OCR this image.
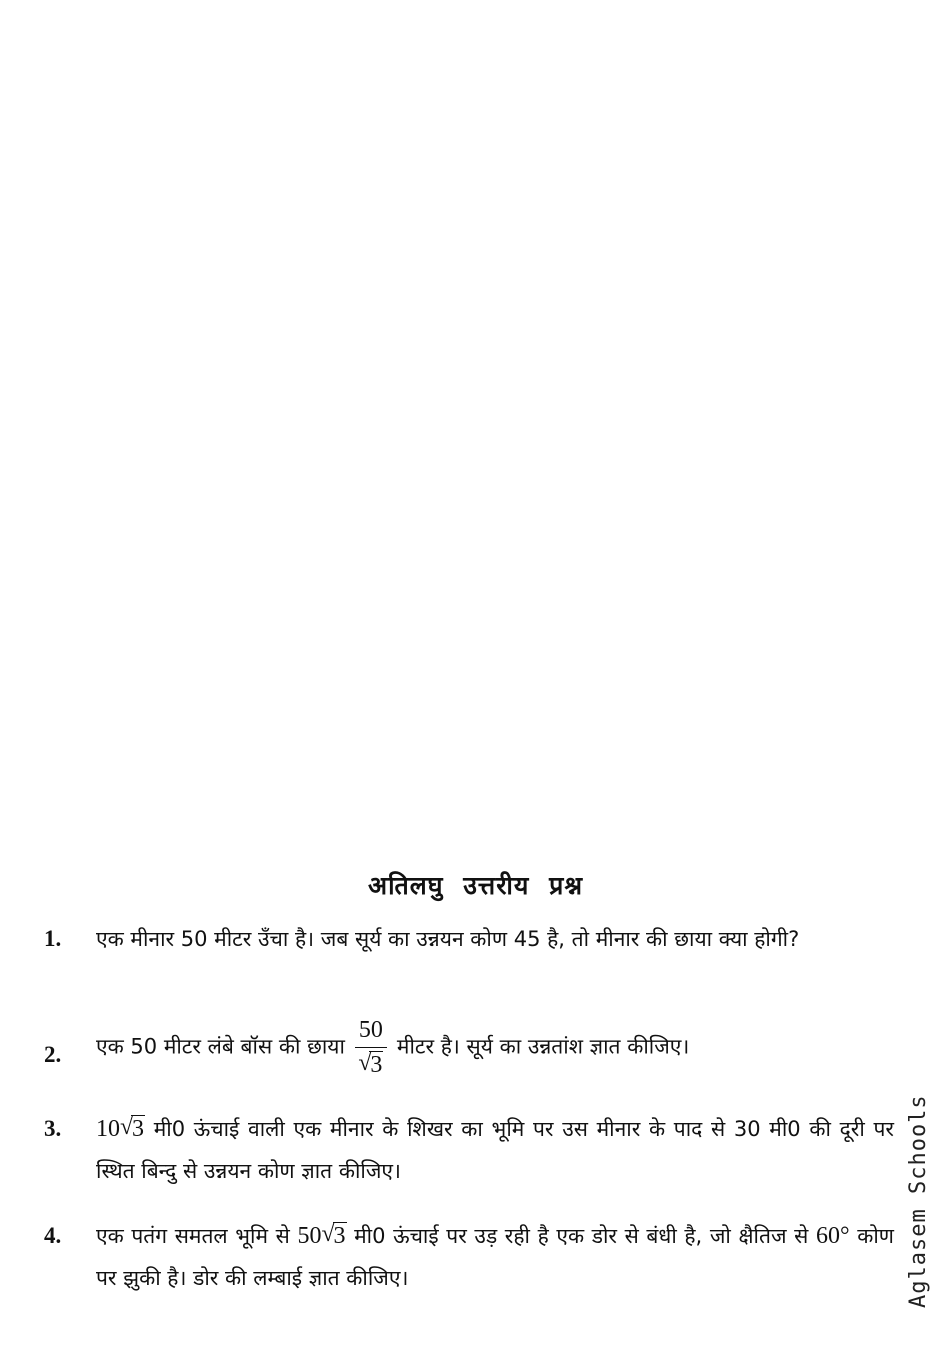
अतिलघु उत्तरीय प्रश्न
1. एक मीनार 50 मीटर उँचा है। जब सूर्य का उन्नयन कोण 45 है, तो मीनार की छाया क्या होगी?
2. एक 50 मीटर लंबे बॉस की छाया 50
√
3 मीटर है। सूर्य का उन्नतांश ज्ञात कीजिए।
3. 10 √
3 मी0 ऊंचाई वाली एक मीनार के शिखर का भूमि पर उस मीनार के पाद से 30 मी0 की दूरी पर स्थित बिन्दु से उन्नयन कोण ज्ञात कीजिए।
4. एक पतंग समतल भूमि से 50 √
3 मी0 ऊंचाई पर उड़ रही है एक डोर से बंधी है, जो क्षैतिज से 60° कोण पर झुकी है। डोर की लम्बाई ज्ञात कीजिए।	Aglasem Schools
